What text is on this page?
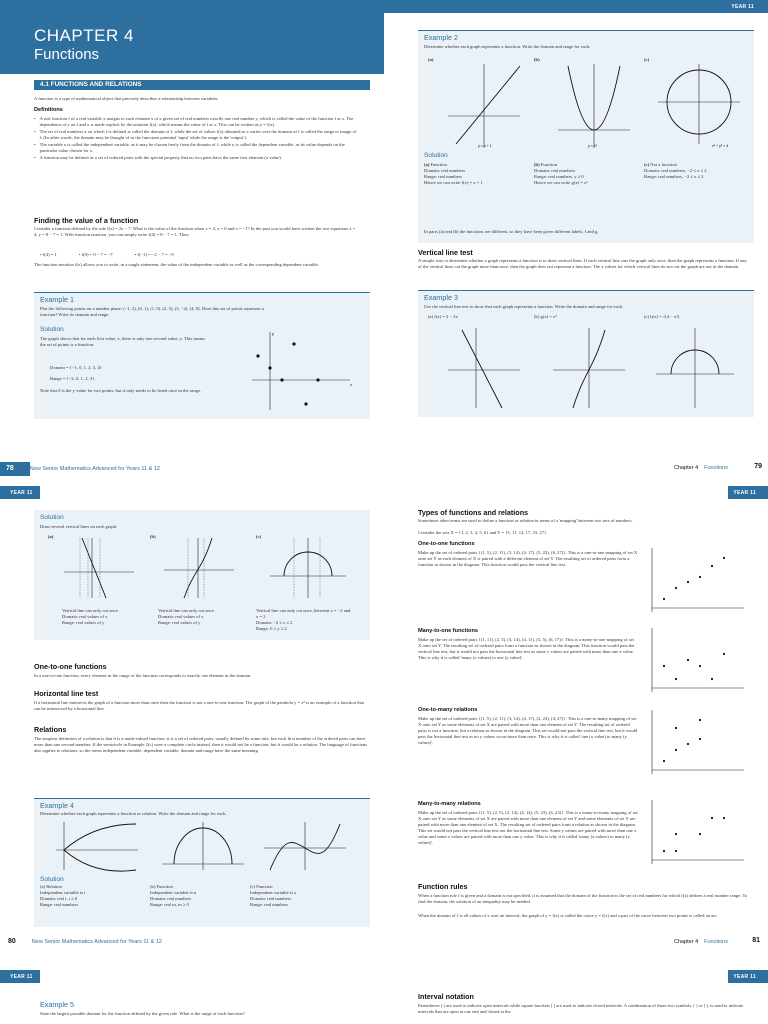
CHAPTER 4
Functions
4.1 FUNCTIONS AND RELATIONS
A function is a type of mathematical object that precisely describes a relationship between variables.
Definitions
• A real function f of a real variable x assigns to each element x of a given set of real numbers exactly one real number y, which is called the value of the function f at x. The dependence of y on f and x is made explicit by the notation f(x), which means the value of f at x. This can be written as y = f(x).
• The set of real numbers x on which f is defined is called the domain of f, while the set of values f(x) obtained as x varies over the domain of f is called the range or image of f. (In other words, the domain may be thought of as the functions potential 'input' while the range is the 'output'.)
• The variable x is called the independent variable, as it may be chosen freely from the domain of f, while y is called the dependent variable, as its value depends on the particular value chosen for x.
• A function may be defined as a set of ordered pairs with the special property that no two pairs have the same first element (x value).
Finding the value of a function
Consider a function defined by the rule f(x) = 2x − 7. What is the value of the function when x = 4, x = 0 and x = −1? In the past you would have written the two equations x = 4, y = 8 − 7 = 1. With function notation, you can simply write f(4) = 8 − 7 = 1. Thus:
• f(4) = 1	• f(0) = 0 − 7 = −7	• f(−1) = −2 − 7 = −9
The function notation f(x) allows you to write, in a single statement, the value of the independent variable as well as the corresponding dependent variable.
Example 1
Plot the following points on a number plane: (−1, 2), (0, 1), (1, 0), (2, 3), (3, −2), (4, 0). Does this set of points represent a function? Write its domain and range.
Solution
The graph shows that for each first value, x, there is only one second value, y. This means the set of points is a function:
Domain = {−1, 0, 1, 2, 3, 4}
Range = {−2, 0, 1, 2, 3}
Note that 0 is the y-value for two points, but it only needs to be listed once in the range.
x
y
78	New Senior Mathematics Advanced for Years 11 & 12
YEAR 11
Example 2
Determine whether each graph represents a function. Write the domain and range for each.
(a)	(b)	(c)
y = x + 1	y = x²	x² + y² = 4
Solution
(a) Function
Domain: real numbers
Range: real numbers
Hence we can write f(x) = x + 1
(b) Function
Domain: real numbers
Range: real numbers, y ≥ 0
Hence we can write g(x) = x²
(c) Not a function
Domain: real numbers, −2 ≤ x ≤ 2
Range: real numbers, −2 ≤ x ≤ 2
In parts (a) and (b) the functions are different, so they have been given different labels, f and g.
Vertical line test
A simple way to determine whether a graph represents a function is to draw vertical lines. If each vertical line cuts the graph only once, then the graph represents a function. If any of the vertical lines cut the graph more than once, then the graph does not represent a function. The x values for which vertical lines do not cut the graph are not in the domain.
Example 3
Use the vertical line test to show that each graph represents a function. Write the domain and range for each.
(a) f(x) = 2 − 2x	(b) g(x) = x³	(c) h(x) = √(4 − x²)
Chapter 4 Functions	79
YEAR 11
Solution
Draw several vertical lines on each graph.
(a)	(b)	(c)
Vertical line can only cut once.
Domain: real values of x
Range: real values of y
Vertical line can only cut once.
Domain: real values of x
Range: real values of y
Vertical line can only cut once, between x = −2 and x = 2.
Domain: −2 ≤ x ≤ 2
Range: 0 ≤ y ≤ 2
One-to-one functions
In a one-to-one function, every element in the range of the function corresponds to exactly one element in the domain.
Horizontal line test
If a horizontal line intersects the graph of a function more than once then the function is not a one-to-one function. The graph of the parabola y = x² is an example of a function that can be intersected by a horizontal line.
Relations
The simplest definition of a relation is that it is a multi-valued function: it is a set of ordered pairs, usually defined by some rule, but each first member of the ordered pairs can have more than one second member. If the semicircle in Example 2(c) were a complete circle instead, then it would not be a function, but it would be a relation. The language of functions also applies to relations, so the terms independent variable, dependent variable, domain and range have the same meaning.
Example 4
Determine whether each graph represents a function or relation. Write the domain and range for each.
Solution
(a) Relation
Independent variable is t
Domain: real t, t ≥ 0
Range: real numbers
(b) Function
Independent variable is n
Domain: real numbers
Range: real m, m ≥ 0
(c) Function
Independent variable is x
Domain: real numbers
Range: real numbers
80	New Senior Mathematics Advanced for Years 11 & 12
YEAR 11
Types of functions and relations
Sometimes other terms are used to define a function or relation in terms of a 'mapping' between two sets of numbers.
Consider the sets X = {1, 2, 3, 4, 5, 6} and Y = {5, 11, 14, 17, 23, 27}.
One-to-one functions
Make up the set of ordered pairs {(1, 5), (2, 11), (3, 14), (4, 17), (5, 23), (6, 27)}. This is a one-to-one mapping of set X onto set Y as each element of X is paired with a different element of set Y. The resulting set of ordered pairs form a function as shown in the diagram. This function would pass the vertical line test.
Many-to-one functions
Make up the set of ordered pairs {(1, 11), (2, 5), (3, 14), (4, 11), (5, 5), (6, 17)}. This is a many-to-one mapping of set X onto set Y. The resulting set of ordered pairs form a function as shown in the diagram. This function would pass the vertical line test, but it would not pass the horizontal line test as some y values are paired with more than one x value. This is why it is called 'many (x values) to one (y value)'.
One-to-many relations
Make up the set of ordered pairs {(1, 5), (2, 11), (3, 14), (4, 17), (2, 23), (4, 27)}. This is a one-to-many mapping of set X onto set Y as some elements of set X are paired with more than one element of set Y. The resulting set of ordered pairs is not a function, but a relation as shown in the diagram. This set would not pass the vertical line test, but it would pass the horizontal line test as no y values occur more than once. This is why it is called 'one (x value) to many (y values)'.
Many-to-many relations
Make up the set of ordered pairs {(1, 5), (2, 5), (2, 14), (4, 14), (5, 23), (6, 23)}. This is a many-to-many mapping of set X onto set Y as some elements of set X are paired with more than one element of set Y and some elements of set Y are paired with more than one element of set X. The resulting set of ordered pairs form a relation as shown in the diagram. This set would not pass the vertical line test nor the horizontal line test. Some y values are paired with more than one x value and some x values are paired with more than one y value. This is why it is called 'many (x values) to many (y values)'.
Function rules
When a function rule f is given and a domain is not specified, it is assumed that the domain of the function is the set of real numbers for which f(x) defines a real number range. To find the domain, the solution of an inequality may be needed.
When the domain of f is all values of x over an interval, the graph of y = f(x) is called the curve y = f(x) and a part of the curve between two points is called an arc.
Chapter 4 Functions	81
YEAR 11
Example 5
State the largest possible domain for the function defined by the given rule. What is the range of each function?
YEAR 11
Interval notation
Parentheses ( ) are used to indicate open intervals while square brackets [ ] are used to indicate closed intervals. A combination of these two symbols, ( ] or [ ), is used to indicate intervals that are open at one end and closed at the
